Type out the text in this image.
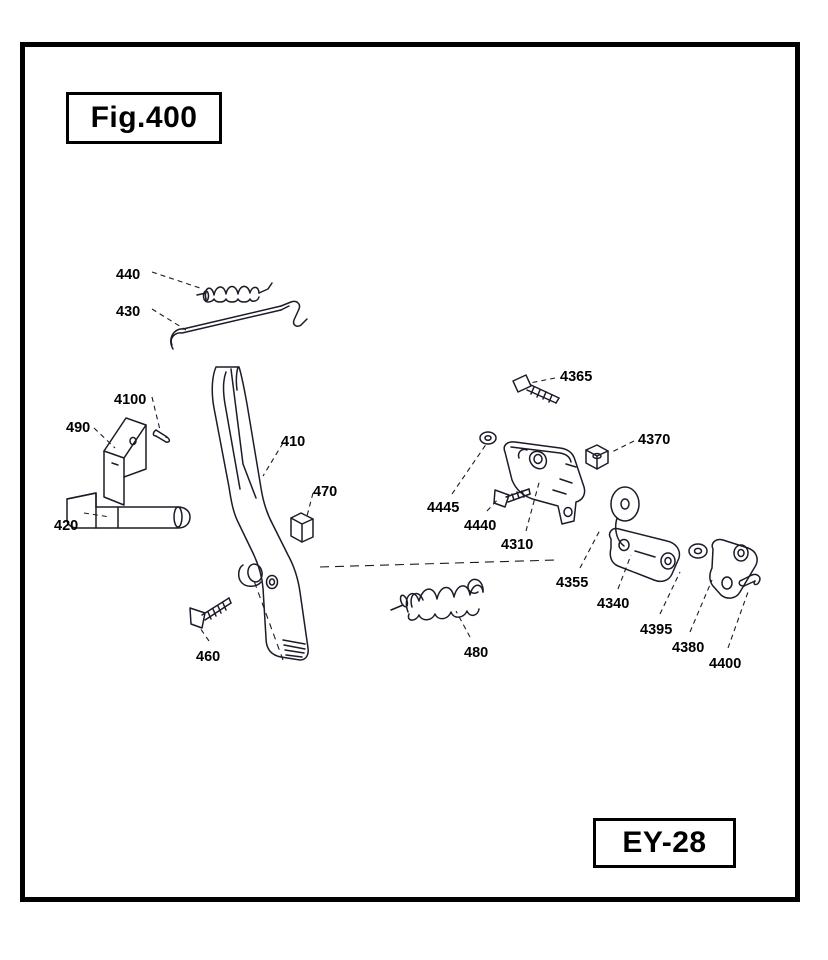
Fig.400
EY-28
440
430
4365
4100
490
4370
410
470
4445
420	4440
4310
4355
4340
4395
460	480	4380
4400
